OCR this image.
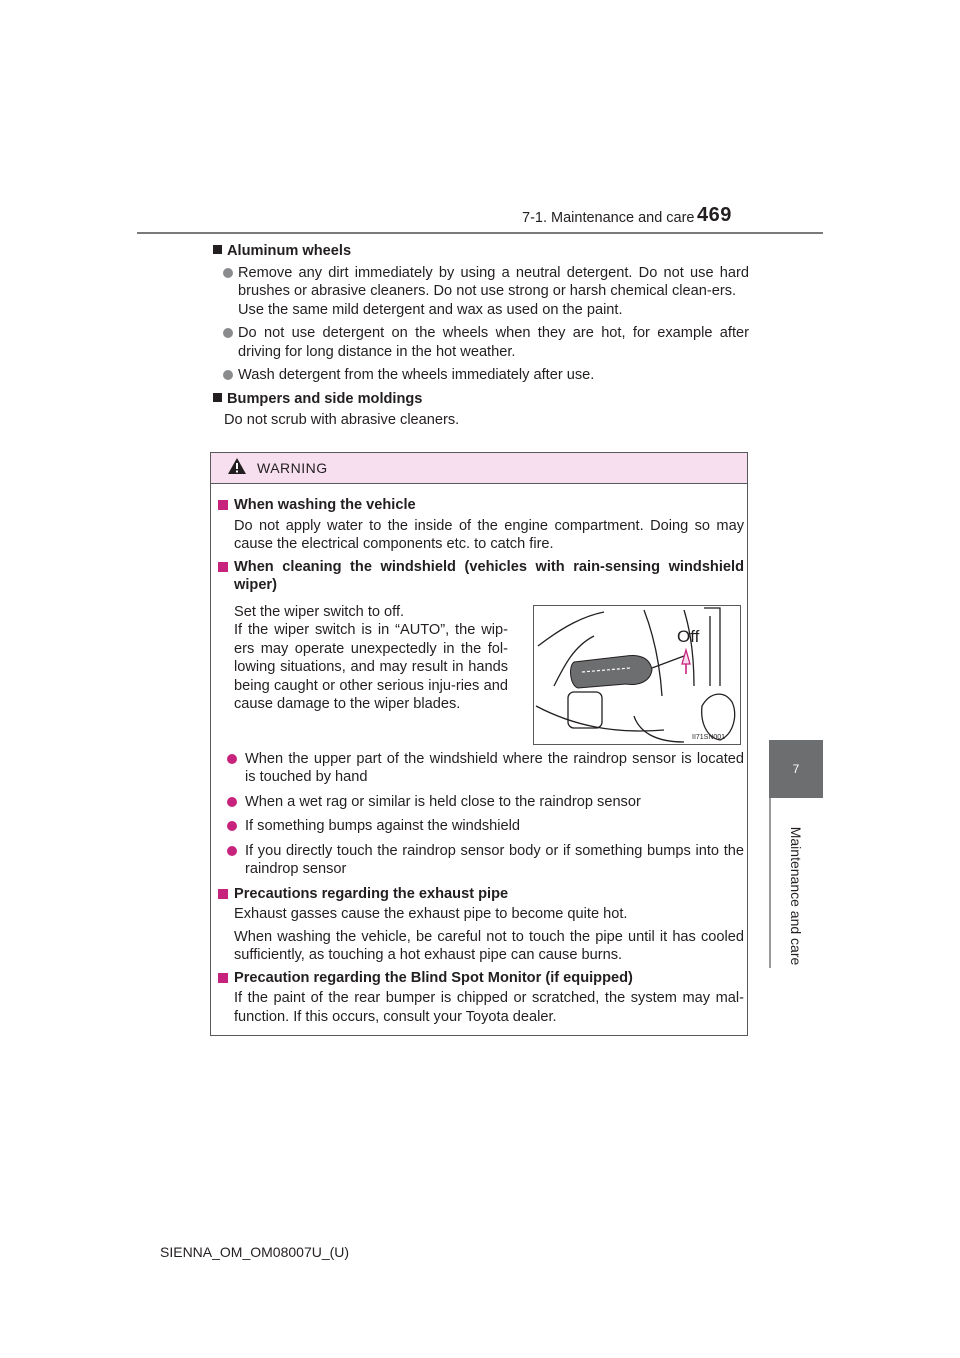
7-1. Maintenance and care 469
7
Maintenance and care
Aluminum wheels
Remove any dirt immediately by using a neutral detergent. Do not use hard brushes or abrasive cleaners. Do not use strong or harsh chemical clean-ers.
Use the same mild detergent and wax as used on the paint.
Do not use detergent on the wheels when they are hot, for example after driving for long distance in the hot weather.
Wash detergent from the wheels immediately after use.
Bumpers and side moldings
Do not scrub with abrasive cleaners.
WARNING
When washing the vehicle
Do not apply water to the inside of the engine compartment. Doing so may cause the electrical components etc. to catch fire.
When cleaning the windshield (vehicles with rain-sensing windshield wiper)
Set the wiper switch to off.
If the wiper switch is in “AUTO”, the wip-ers may operate unexpectedly in the fol-lowing situations, and may result in hands being caught or other serious inju-ries and cause damage to the wiper blades.
Off
II71SN001
When the upper part of the windshield where the raindrop sensor is located is touched by hand
When a wet rag or similar is held close to the raindrop sensor
If something bumps against the windshield
If you directly touch the raindrop sensor body or if something bumps into the raindrop sensor
Precautions regarding the exhaust pipe
Exhaust gasses cause the exhaust pipe to become quite hot.
When washing the vehicle, be careful not to touch the pipe until it has cooled sufficiently, as touching a hot exhaust pipe can cause burns.
Precaution regarding the Blind Spot Monitor (if equipped)
If the paint of the rear bumper is chipped or scratched, the system may mal-function. If this occurs, consult your Toyota dealer.
SIENNA_OM_OM08007U_(U)
